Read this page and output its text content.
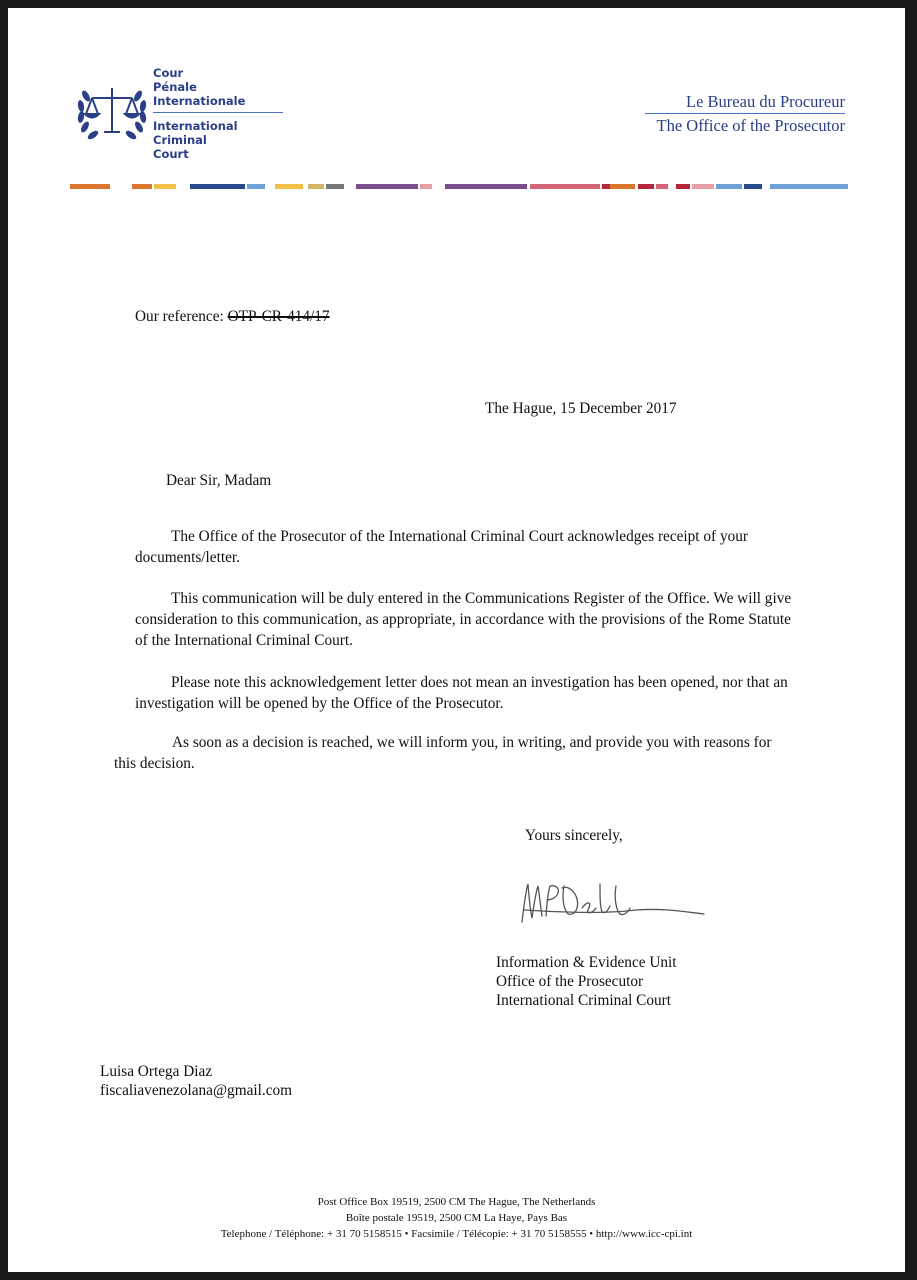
Cour
Pénale
Internationale
International
Criminal
Court
Le Bureau du Procureur
The Office of the Prosecutor
Our reference: OTP-CR-414/17
The Hague, 15 December 2017
Dear Sir, Madam
The Office of the Prosecutor of the International Criminal Court acknowledges receipt of your documents/letter.
This communication will be duly entered in the Communications Register of the Office. We will give consideration to this communication, as appropriate, in accordance with the provisions of the Rome Statute of the International Criminal Court.
Please note this acknowledgement letter does not mean an investigation has been opened, nor that an investigation will be opened by the Office of the Prosecutor.
As soon as a decision is reached, we will inform you, in writing, and provide you with reasons for this decision.
Yours sincerely,
Information & Evidence Unit
Office of the Prosecutor
International Criminal Court
Luisa Ortega Diaz
fiscaliavenezolana@gmail.com
Post Office Box 19519, 2500 CM The Hague, The Netherlands
Boîte postale 19519, 2500 CM La Haye, Pays Bas
Telephone / Téléphone: + 31 70 5158515 • Facsimile / Télécopie: + 31 70 5158555 • http://www.icc-cpi.int
